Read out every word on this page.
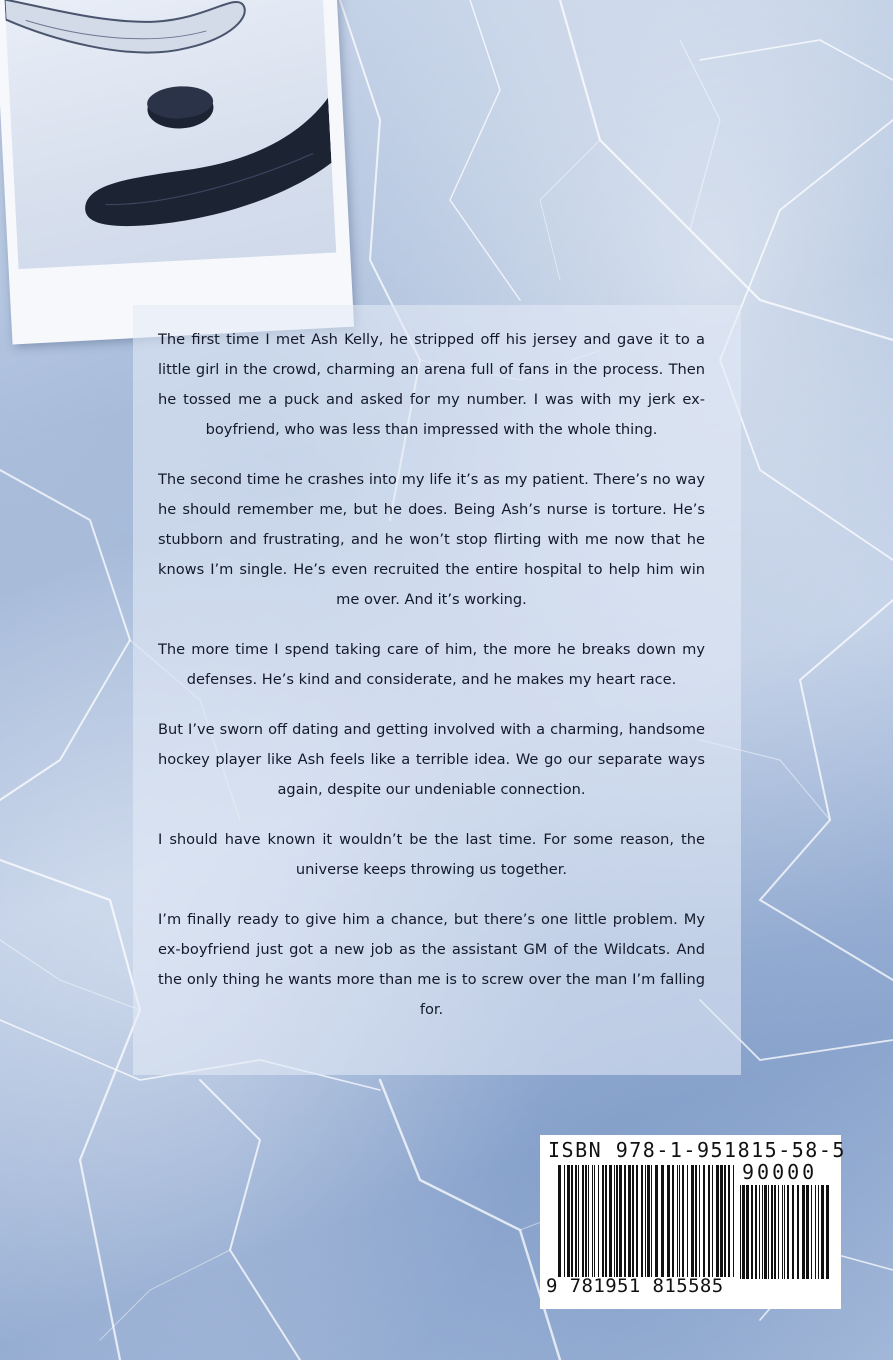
The first time I met Ash Kelly, he stripped off his jersey and gave it to a little girl in the crowd, charming an arena full of fans in the process. Then he tossed me a puck and asked for my number. I was with my jerk ex-boyfriend, who was less than impressed with the whole thing.

The second time he crashes into my life it’s as my patient. There’s no way he should remember me, but he does. Being Ash’s nurse is torture. He’s stubborn and frustrating, and he won’t stop flirting with me now that he knows I’m single. He’s even recruited the entire hospital to help him win me over. And it’s working.

The more time I spend taking care of him, the more he breaks down my defenses. He’s kind and considerate, and he makes my heart race.

But I’ve sworn off dating and getting involved with a charming, handsome hockey player like Ash feels like a terrible idea. We go our separate ways again, despite our undeniable connection.

I should have known it wouldn’t be the last time. For some reason, the universe keeps throwing us together.

I’m finally ready to give him a chance, but there’s one little problem. My ex-boyfriend just got a new job as the assistant GM of the Wildcats. And the only thing he wants more than me is to screw over the man I’m falling for.

ISBN 978-1-951815-58-5
90000
9 781951 815585
